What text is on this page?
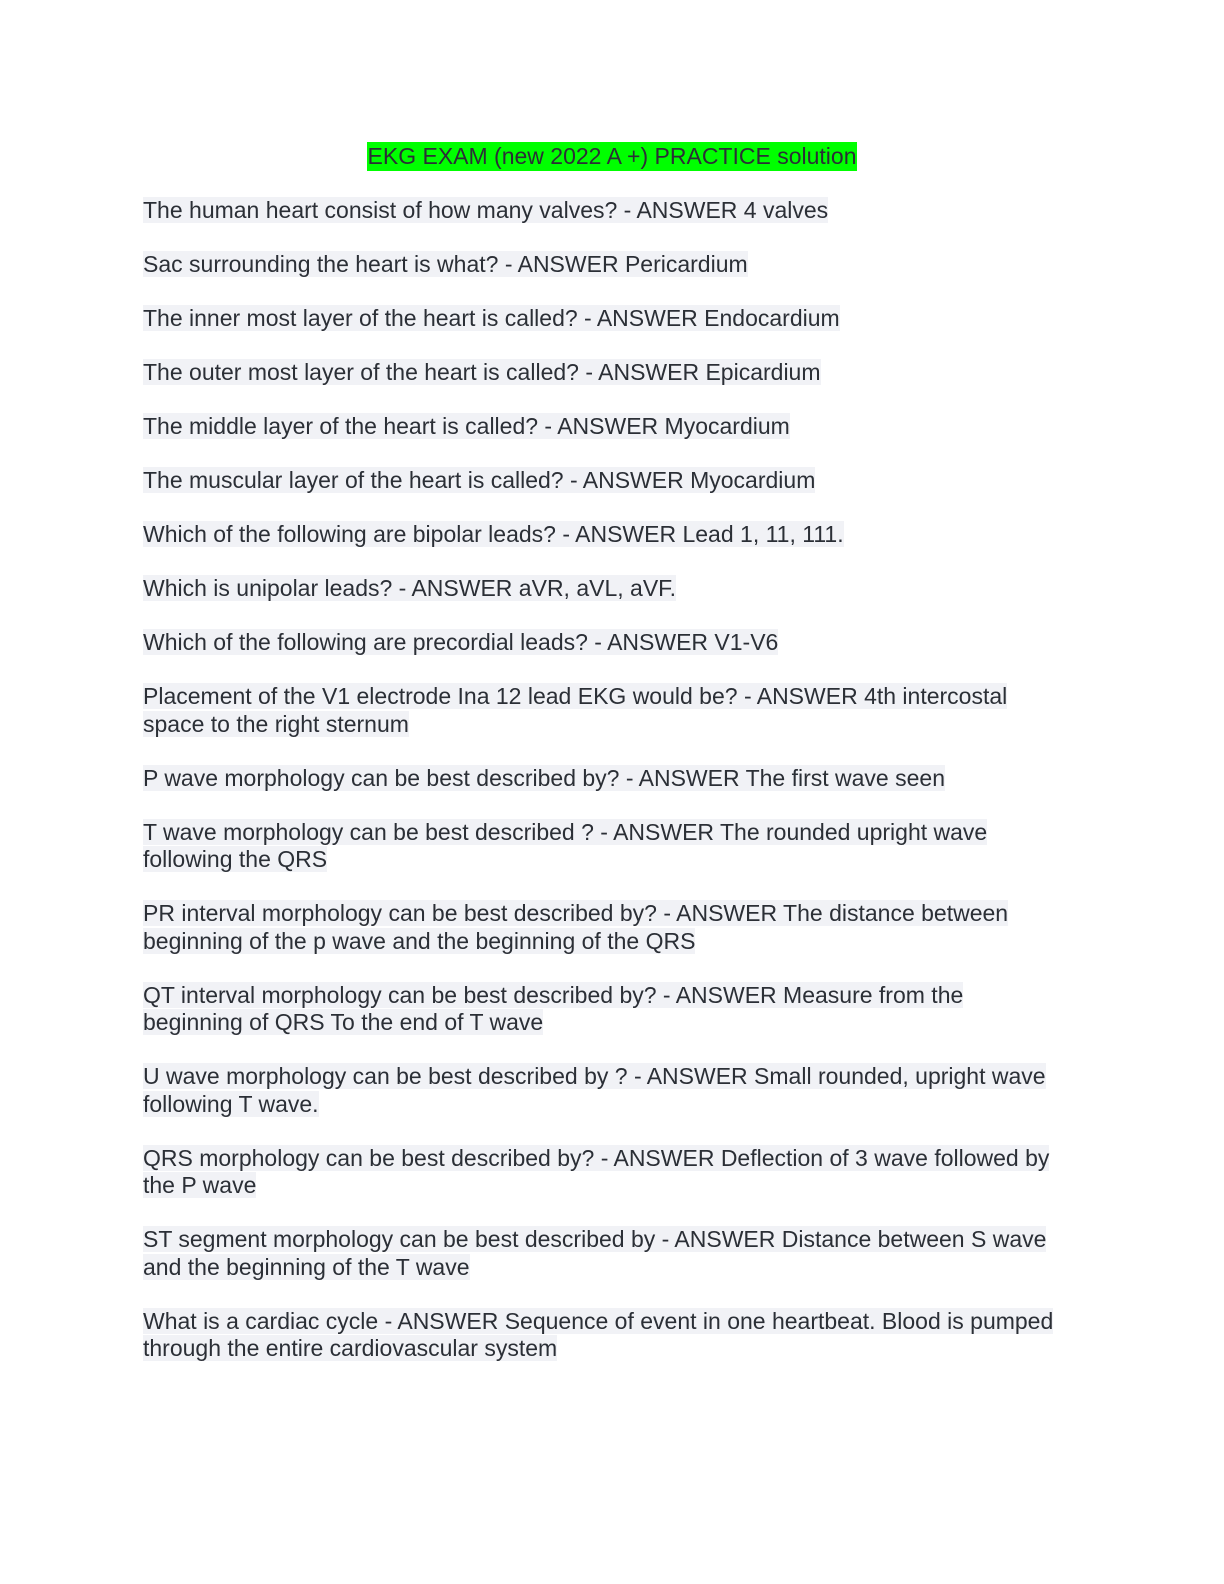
EKG EXAM (new 2022 A +) PRACTICE solution

The human heart consist of how many valves? - ANSWER 4 valves

Sac surrounding the heart is what? - ANSWER Pericardium

The inner most layer of the heart is called? - ANSWER Endocardium

The outer most layer of the heart is called? - ANSWER Epicardium

The middle layer of the heart is called? - ANSWER Myocardium

The muscular layer of the heart is called? - ANSWER Myocardium

Which of the following are bipolar leads? - ANSWER Lead 1, 11, 111.

Which is unipolar leads? - ANSWER aVR, aVL, aVF.

Which of the following are precordial leads? - ANSWER V1-V6

Placement of the V1 electrode Ina 12 lead EKG would be? - ANSWER 4th intercostal space to the right sternum

P wave morphology can be best described by? - ANSWER The first wave seen

T wave morphology can be best described ? - ANSWER The rounded upright wave following the QRS

PR interval morphology can be best described by? - ANSWER The distance between beginning of the p wave and the beginning of the QRS

QT interval morphology can be best described by? - ANSWER Measure from the beginning of QRS To the end of T wave

U wave morphology can be best described by ? - ANSWER Small rounded, upright wave following T wave.

QRS morphology can be best described by? - ANSWER Deflection of 3 wave followed by the P wave

ST segment morphology can be best described by - ANSWER Distance between S wave and the beginning of the T wave

What is a cardiac cycle - ANSWER Sequence of event in one heartbeat. Blood is pumped through the entire cardiovascular system
